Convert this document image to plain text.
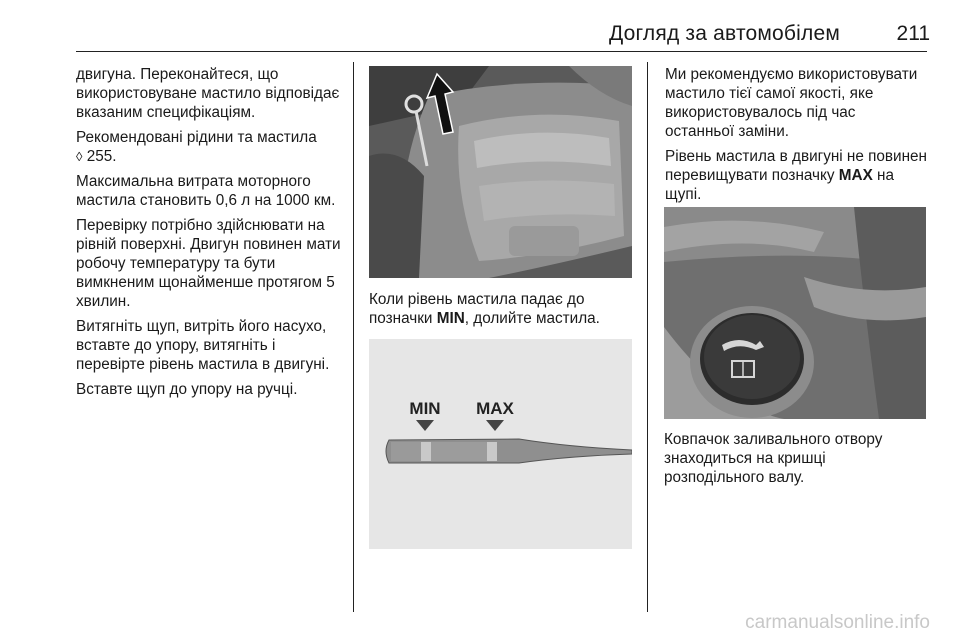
Догляд за автомобілем	211

двигуна. Переконайтеся, що використовуване мастило відповідає вказаним специфікаціям.

Рекомендовані рідини та мастила
◊ 255.

Максимальна витрата моторного мастила становить 0,6 л на 1000 км.

Перевірку потрібно здійснювати на рівній поверхні. Двигун повинен мати робочу температуру та бути вимкненим щонайменше протягом 5 хвилин.

Витягніть щуп, витріть його насухо, вставте до упору, витягніть і перевірте рівень мастила в двигуні.

Вставте щуп до упору на ручці.

Коли рівень мастила падає до позначки MIN, долийте мастила.
MIN MAX

Ми рекомендуємо використовувати мастило тієї самої якості, яке використовувалось під час останньої заміни.

Рівень мастила в двигуні не повинен перевищувати позначку MAX на щупі.

Ковпачок заливального отвору знаходиться на кришці розподільного валу.
carmanualsonline.info
